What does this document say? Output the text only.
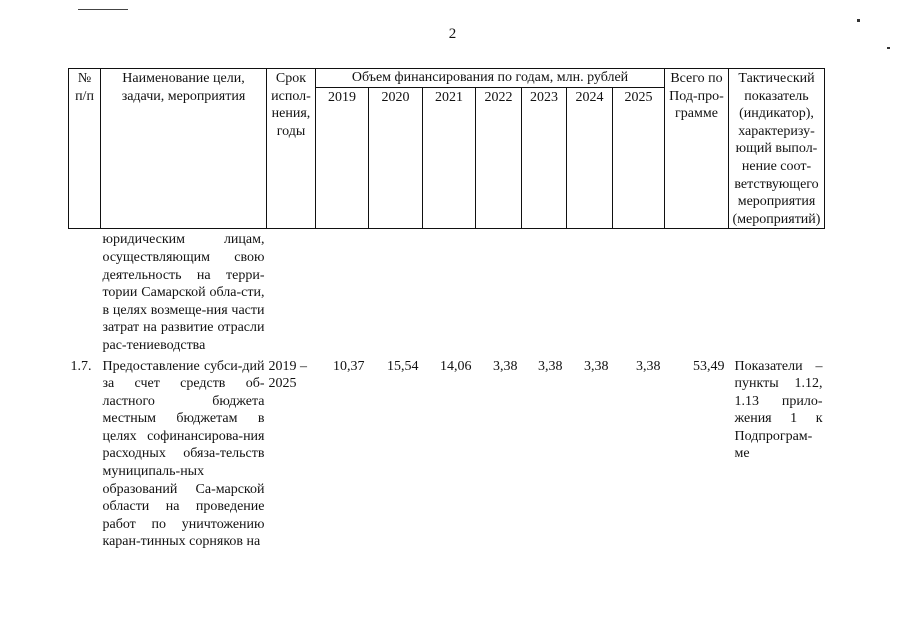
2
№ п/п	Наименование цели, задачи, мероприятия	Срок испол-нения, годы	Объем финансирования по годам, млн. рублей							Всего по Под-про-грамме	Тактический показатель (индикатор), характеризу-ющий выпол-нение соот-ветствующего мероприятия (мероприятий)
			2019	2020	2021	2022	2023	2024	2025		
	юридическим лицам, осуществляющим свою деятельность на терри-тории Самарской обла-сти, в целях возмеще-ния части затрат на развитие отрасли рас-тениеводства										
1.7.	Предоставление субси-дий за счет средств об-ластного бюджета местным бюджетам в целях софинансирова-ния расходных обяза-тельств муниципаль-ных образований Са-марской области на проведение работ по уничтожению каран-тинных сорняков на	2019 – 2025	10,37	15,54	14,06	3,38	3,38	3,38	3,38	53,49	Показатели – пункты 1.12, 1.13 прило-жения 1 к Подпрограм-ме
